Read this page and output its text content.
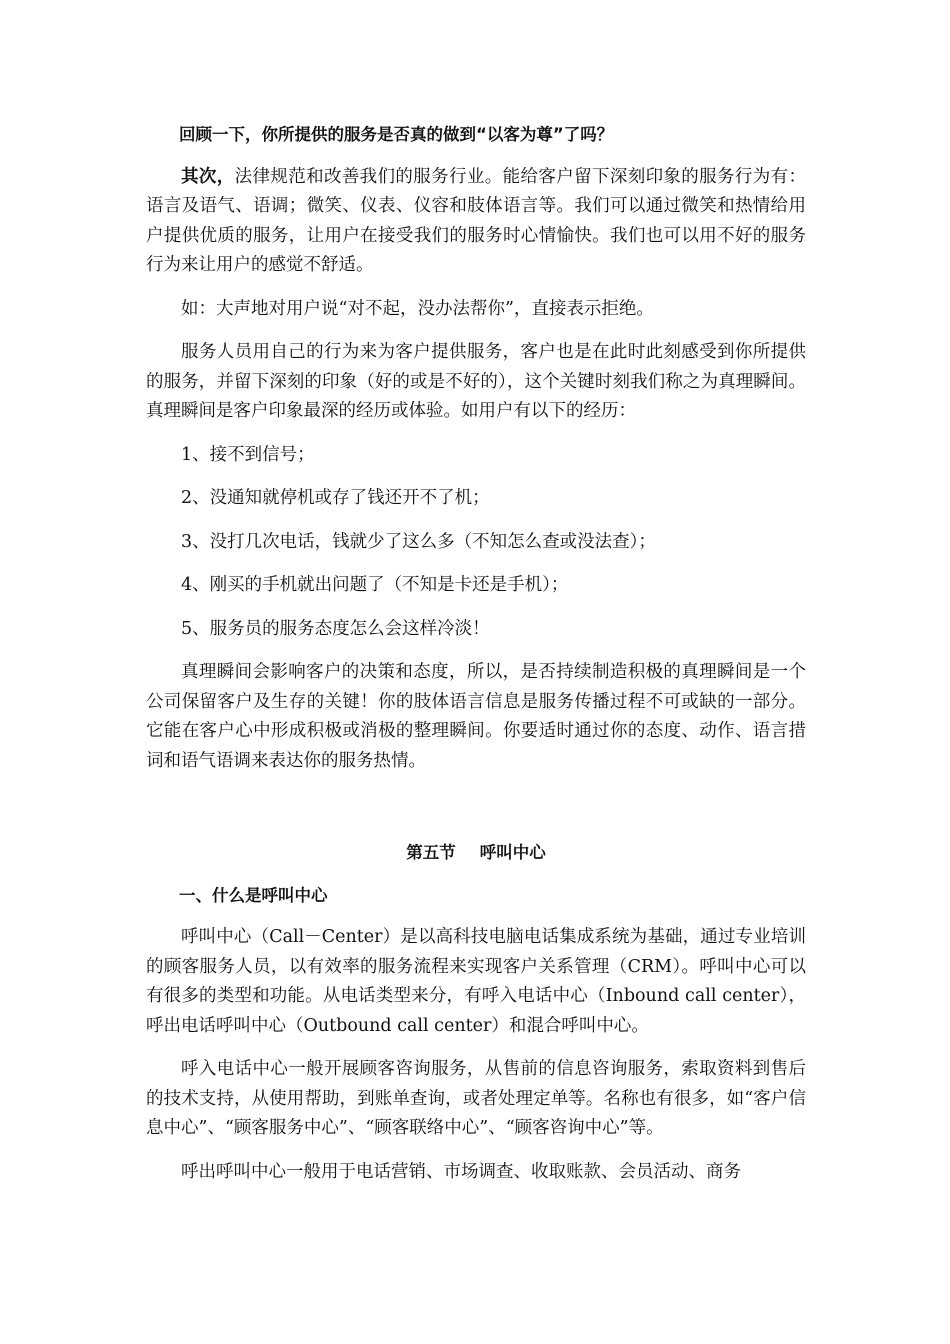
回顾一下，你所提供的服务是否真的做到“以客为尊”了吗？

其次，法律规范和改善我们的服务行业。能给客户留下深刻印象的服务行为有：语言及语气、语调；微笑、仪表、仪容和肢体语言等。我们可以通过微笑和热情给用户提供优质的服务，让用户在接受我们的服务时心情愉快。我们也可以用不好的服务行为来让用户的感觉不舒适。

如：大声地对用户说“对不起，没办法帮你”，直接表示拒绝。

服务人员用自己的行为来为客户提供服务，客户也是在此时此刻感受到你所提供的服务，并留下深刻的印象（好的或是不好的），这个关键时刻我们称之为真理瞬间。真理瞬间是客户印象最深的经历或体验。如用户有以下的经历：

1、接不到信号；

2、没通知就停机或存了钱还开不了机；

3、没打几次电话，钱就少了这么多（不知怎么查或没法查）；

4、刚买的手机就出问题了（不知是卡还是手机）；

5、服务员的服务态度怎么会这样冷淡！

真理瞬间会影响客户的决策和态度，所以，是否持续制造积极的真理瞬间是一个公司保留客户及生存的关键！你的肢体语言信息是服务传播过程不可或缺的一部分。它能在客户心中形成积极或消极的整理瞬间。你要适时通过你的态度、动作、语言措词和语气语调来表达你的服务热情。

第五节 呼叫中心

一、什么是呼叫中心

呼叫中心（Call－Center）是以高科技电脑电话集成系统为基础，通过专业培训的顾客服务人员，以有效率的服务流程来实现客户关系管理（CRM）。呼叫中心可以有很多的类型和功能。从电话类型来分，有呼入电话中心（Inbound call center），呼出电话呼叫中心（Outbound call center）和混合呼叫中心。

呼入电话中心一般开展顾客咨询服务，从售前的信息咨询服务，索取资料到售后的技术支持，从使用帮助，到账单查询，或者处理定单等。名称也有很多，如“客户信息中心”、“顾客服务中心”、“顾客联络中心”、“顾客咨询中心”等。

呼出呼叫中心一般用于电话营销、市场调查、收取账款、会员活动、商务
